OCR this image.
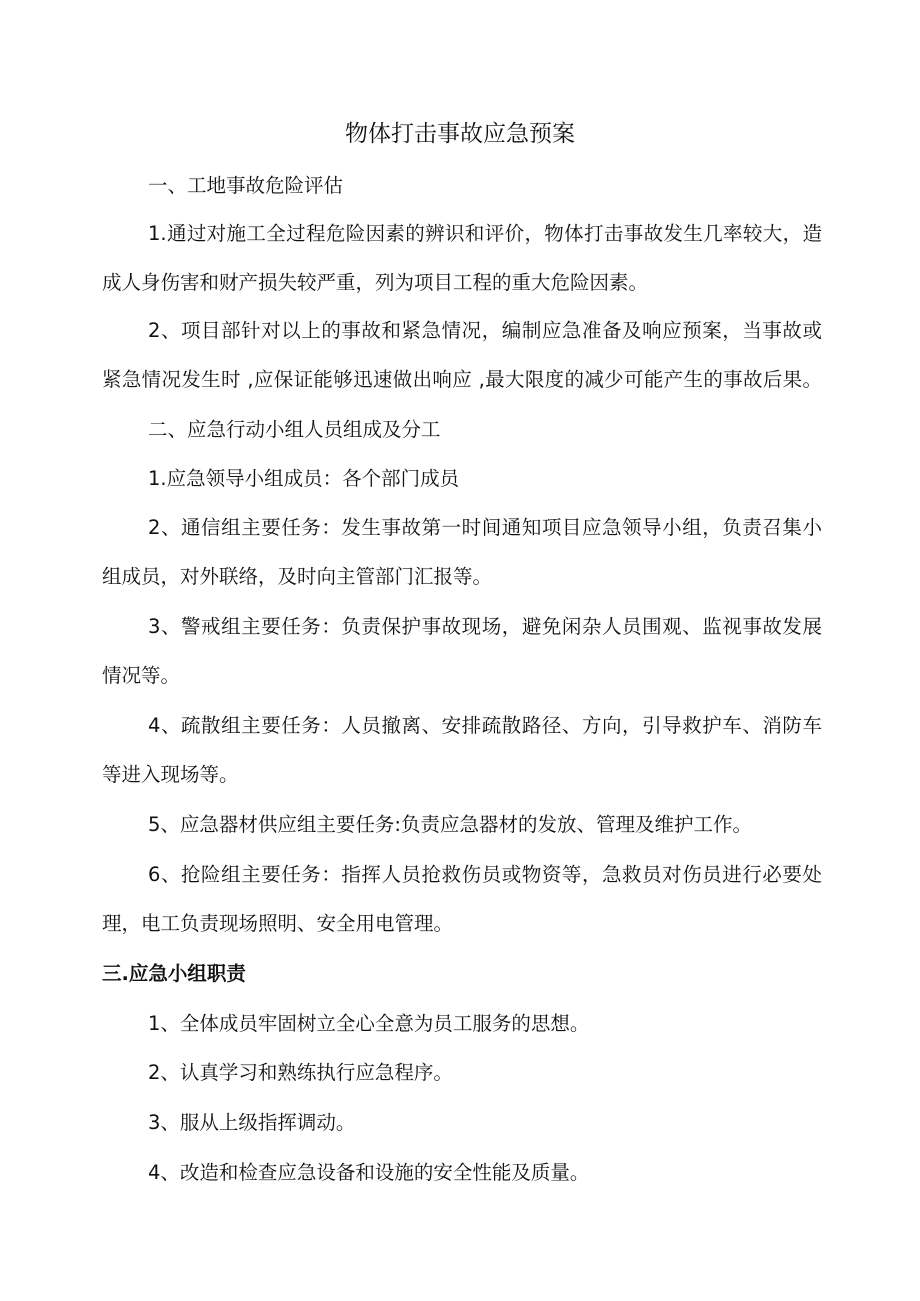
物体打击事故应急预案

一、工地事故危险评估

1.通过对施工全过程危险因素的辨识和评价，物体打击事故发生几率较大，造

成人身伤害和财产损失较严重，列为项目工程的重大危险因素。

2、项目部针对以上的事故和紧急情况，编制应急准备及响应预案，当事故或

紧急情况发生时 ,应保证能够迅速做出响应 ,最大限度的减少可能产生的事故后果。

二、应急行动小组人员组成及分工

1.应急领导小组成员：各个部门成员

2、通信组主要任务：发生事故第一时间通知项目应急领导小组，负责召集小

组成员，对外联络，及时向主管部门汇报等。

3、警戒组主要任务：负责保护事故现场，避免闲杂人员围观、监视事故发展

情况等。

4、疏散组主要任务：人员撤离、安排疏散路径、方向，引导救护车、消防车

等进入现场等。

5、应急器材供应组主要任务:负责应急器材的发放、管理及维护工作。

6、抢险组主要任务：指挥人员抢救伤员或物资等，急救员对伤员进行必要处

理，电工负责现场照明、安全用电管理。

三.应急小组职责

1、全体成员牢固树立全心全意为员工服务的思想。

2、认真学习和熟练执行应急程序。

3、服从上级指挥调动。

4、改造和检查应急设备和设施的安全性能及质量。
